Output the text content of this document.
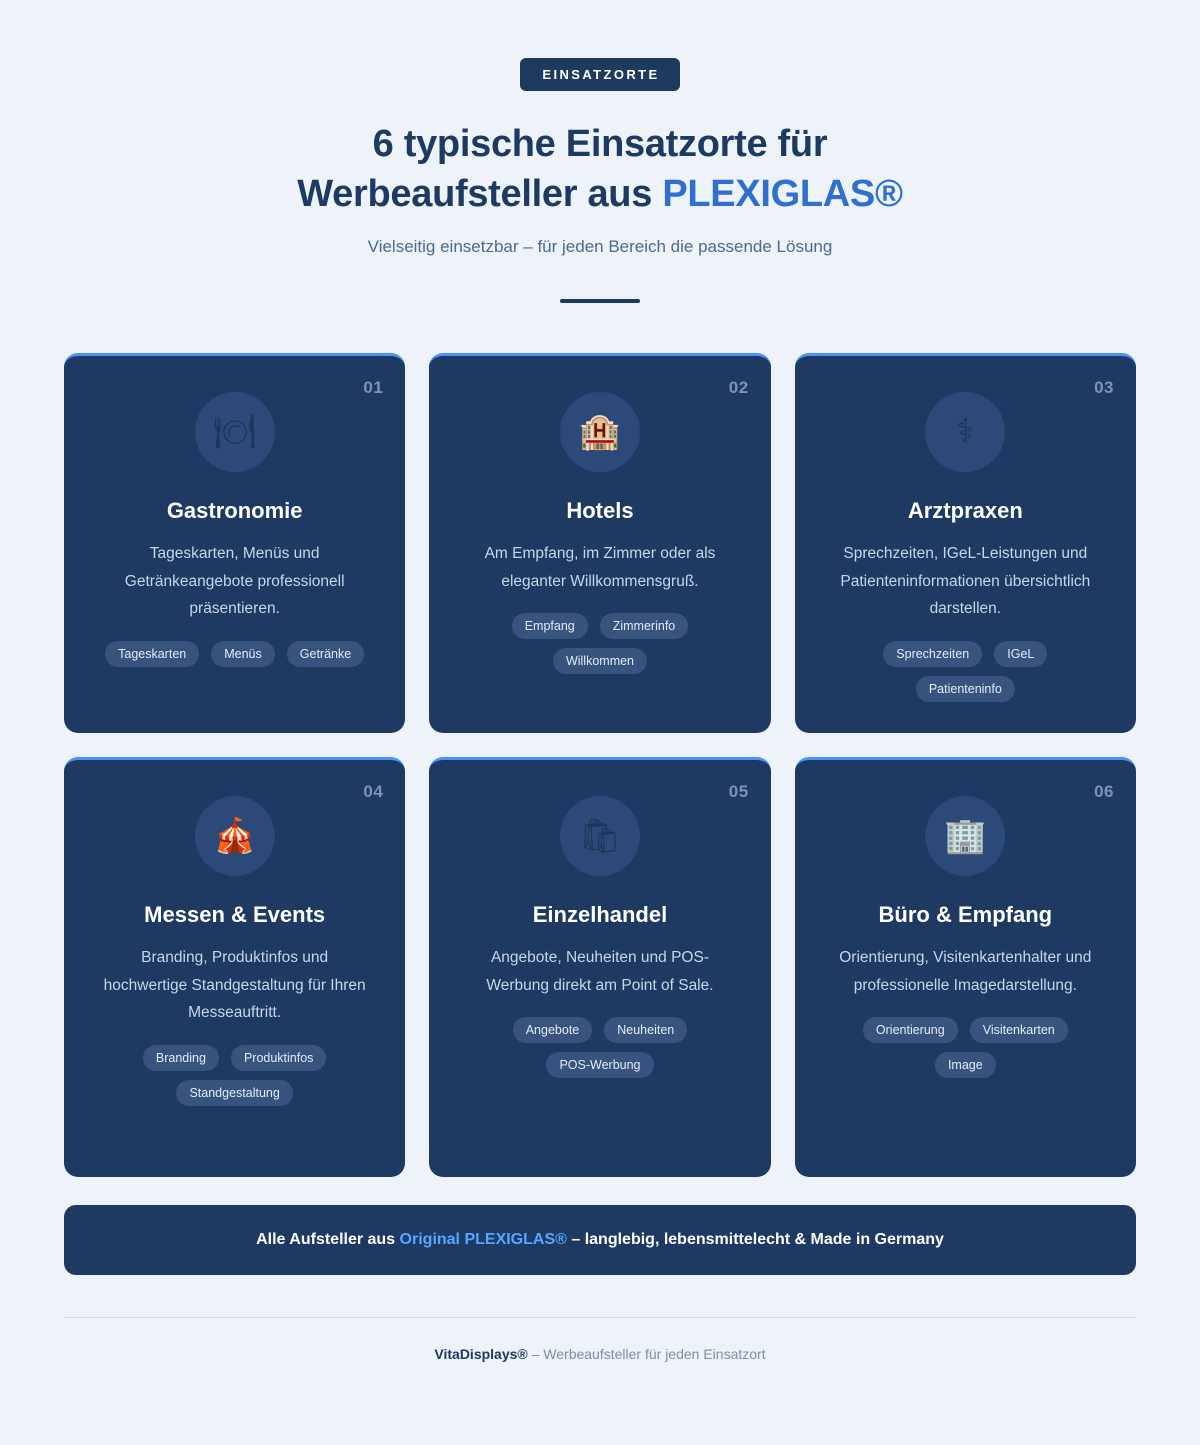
EINSATZORTE
6 typische Einsatzorte für
Werbeaufsteller aus PLEXIGLAS®
Vielseitig einsetzbar – für jeden Bereich die passende Lösung
01
🍽
Gastronomie
Tageskarten, Menüs und Getränkeangebote professionell präsentieren.
Tageskarten	Menüs	Getränke
02
🏨
Hotels
Am Empfang, im Zimmer oder als eleganter Willkommensgruß.
Empfang	Zimmerinfo
Willkommen
03
⚕
Arztpraxen
Sprechzeiten, IGeL-Leistungen und Patienteninformationen übersichtlich darstellen.
Sprechzeiten	IGeL
Patienteninfo
04
🎪
Messen & Events
Branding, Produktinfos und hochwertige Standgestaltung für Ihren Messeauftritt.
Branding	Produktinfos
Standgestaltung
05
🛍
Einzelhandel
Angebote, Neuheiten und POS-Werbung direkt am Point of Sale.
Angebote	Neuheiten
POS-Werbung
06
🏢
Büro & Empfang
Orientierung, Visitenkartenhalter und professionelle Imagedarstellung.
Orientierung	Visitenkarten
Image
Alle Aufsteller aus Original PLEXIGLAS® – langlebig, lebensmittelecht & Made in Germany
VitaDisplays® – Werbeaufsteller für jeden Einsatzort
